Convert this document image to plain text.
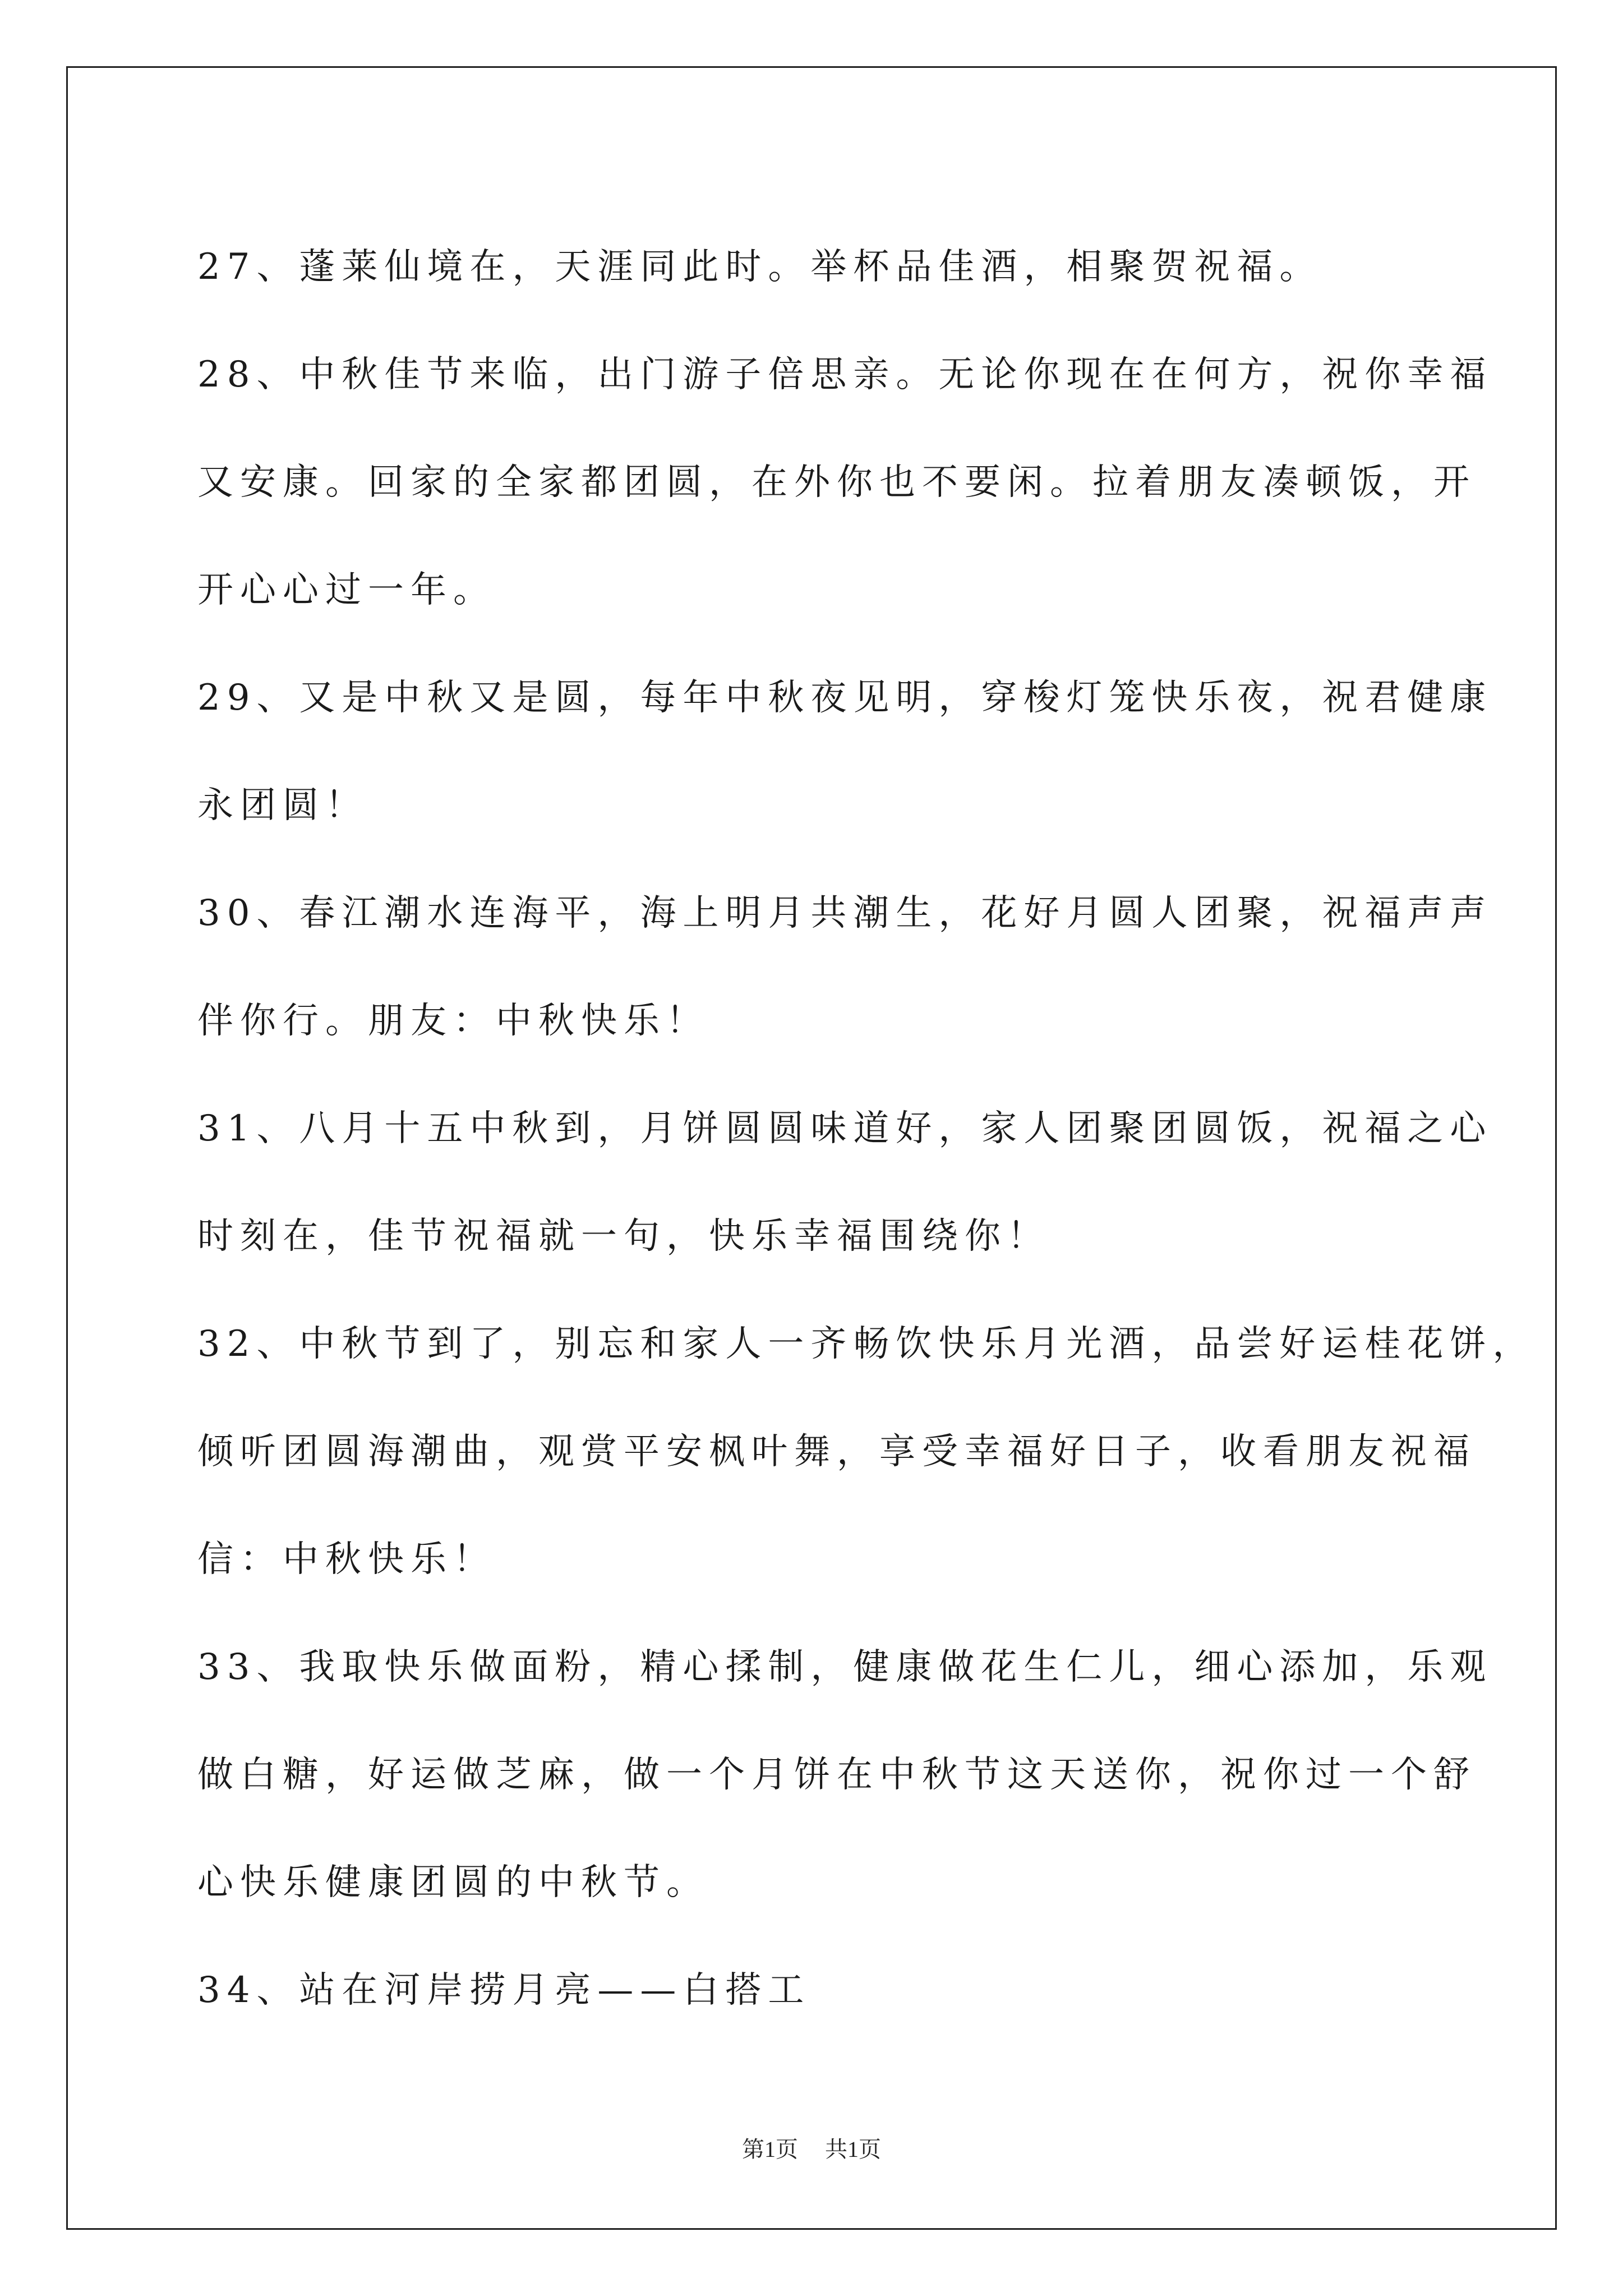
27、蓬莱仙境在，天涯同此时。举杯品佳酒，相聚贺祝福。
28、中秋佳节来临，出门游子倍思亲。无论你现在在何方，祝你幸福
又安康。回家的全家都团圆，在外你也不要闲。拉着朋友凑顿饭，开
开心心过一年。
29、又是中秋又是圆，每年中秋夜见明，穿梭灯笼快乐夜，祝君健康
永团圆！
30、春江潮水连海平，海上明月共潮生，花好月圆人团聚，祝福声声
伴你行。朋友：中秋快乐！
31、八月十五中秋到，月饼圆圆味道好，家人团聚团圆饭，祝福之心
时刻在，佳节祝福就一句，快乐幸福围绕你！
32、中秋节到了，别忘和家人一齐畅饮快乐月光酒，品尝好运桂花饼，
倾听团圆海潮曲，观赏平安枫叶舞，享受幸福好日子，收看朋友祝福
信：中秋快乐！
33、我取快乐做面粉，精心揉制，健康做花生仁儿，细心添加，乐观
做白糖，好运做芝麻，做一个月饼在中秋节这天送你，祝你过一个舒
心快乐健康团圆的中秋节。
34、站在河岸捞月亮——白搭工
第1页 共1页
